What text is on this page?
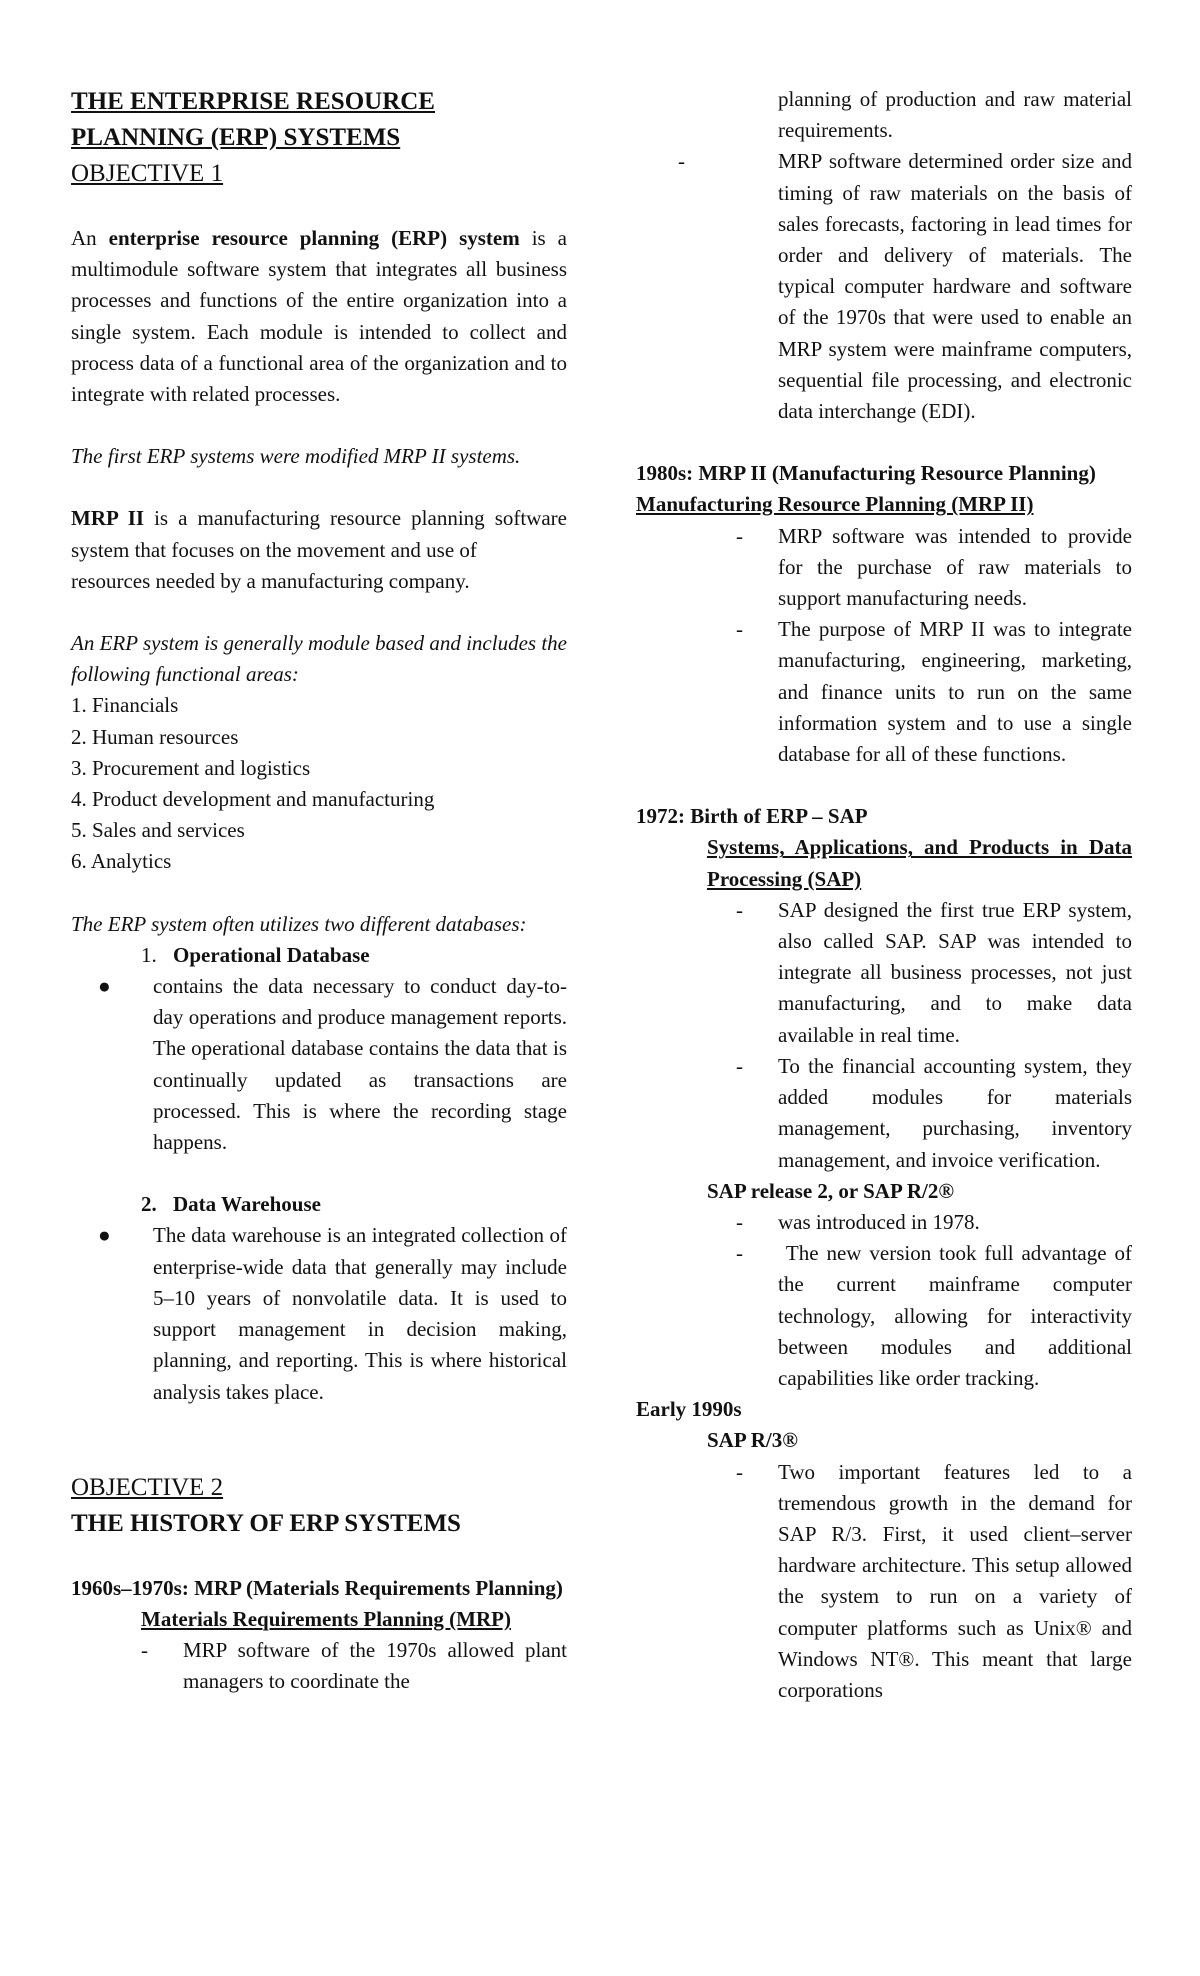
THE ENTERPRISE RESOURCE
PLANNING (ERP) SYSTEMS
OBJECTIVE 1

An enterprise resource planning (ERP) system is a multimodule software system that integrates all business processes and functions of the entire organization into a single system. Each module is intended to collect and process data of a functional area of the organization and to integrate with related processes.

The first ERP systems were modified MRP II systems.

MRP II is a manufacturing resource planning software system that focuses on the movement and use of

resources needed by a manufacturing company.

An ERP system is generally module based and includes the following functional areas:

1. Financials
2. Human resources
3. Procurement and logistics
4. Product development and manufacturing
5. Sales and services
6. Analytics

The ERP system often utilizes two different databases:

1. Operational Database
●	contains the data necessary to conduct day‐to‐day operations and produce management reports. The operational database contains the data that is continually updated as transactions are processed. This is where the recording stage happens.
2. Data Warehouse
●	The data warehouse is an integrated collection of enterprise‐wide data that generally may include 5–10 years of nonvolatile data. It is used to support management in decision making, planning, and reporting. This is where historical analysis takes place.
OBJECTIVE 2
THE HISTORY OF ERP SYSTEMS

1960s–1970s: MRP (Materials Requirements Planning)

Materials Requirements Planning (MRP)

-	MRP software of the 1970s allowed plant managers to coordinate the
planning of production and raw material requirements.
-	MRP software determined order size and timing of raw materials on the basis of sales forecasts, factoring in lead times for order and delivery of materials. The typical computer hardware and software of the 1970s that were used to enable an MRP system were mainframe computers, sequential file processing, and electronic data interchange (EDI).

1980s: MRP II (Manufacturing Resource Planning)

Manufacturing Resource Planning (MRP II)

-	MRP software was intended to provide for the purchase of raw materials to support manufacturing needs.
-	The purpose of MRP II was to integrate manufacturing, engineering, marketing, and finance units to run on the same information system and to use a single database for all of these functions.

1972: Birth of ERP – SAP

Systems, Applications, and Products in Data Processing (SAP)

-	SAP designed the first true ERP system, also called SAP. SAP was intended to integrate all business processes, not just manufacturing, and to make data available in real time.
-	To the financial accounting system, they added modules for materials management, purchasing, inventory management, and invoice verification.

SAP release 2, or SAP R/2®

-	was introduced in 1978.
-	The new version took full advantage of the current mainframe computer technology, allowing for interactivity between modules and additional capabilities like order tracking.

Early 1990s

SAP R/3®

-	Two important features led to a tremendous growth in the demand for SAP R/3. First, it used client–server hardware architecture. This setup allowed the system to run on a variety of computer platforms such as Unix® and Windows NT®. This meant that large corporations
